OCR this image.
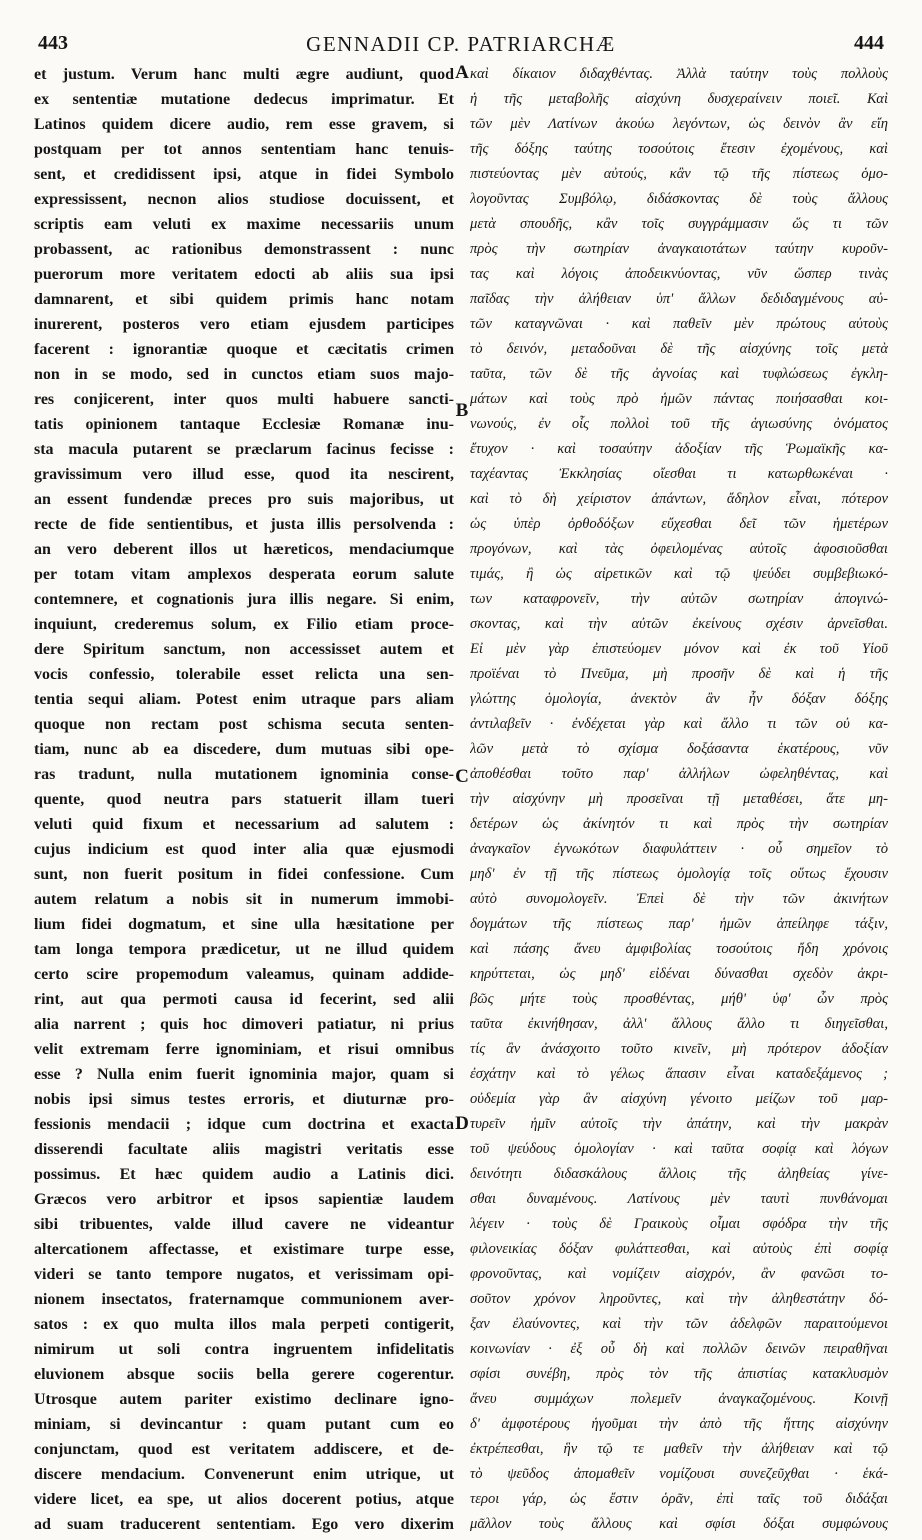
443	GENNADII CP. PATRIARCHÆ	444
et justum. Verum hanc multi ægre audiunt, quod
ex sententiæ mutatione dedecus imprimatur. Et
Latinos quidem dicere audio, rem esse gravem, si
postquam per tot annos sententiam hanc tenuis-
sent, et credidissent ipsi, atque in fidei Symbolo
expressissent, necnon alios studiose docuissent, et
scriptis eam veluti ex maxime necessariis unum
probassent, ac rationibus demonstrassent : nunc
puerorum more veritatem edocti ab aliis sua ipsi
damnarent, et sibi quidem primis hanc notam
inurerent, posteros vero etiam ejusdem participes
facerent : ignorantiæ quoque et cæcitatis crimen
non in se modo, sed in cunctos etiam suos majo-
res conjicerent, inter quos multi habuere sancti-
tatis opinionem tantaque Ecclesiæ Romanæ inu-
sta macula putarent se præclarum facinus fecisse :
gravissimum vero illud esse, quod ita nescirent,
an essent fundendæ preces pro suis majoribus, ut
recte de fide sentientibus, et justa illis persolvenda :
an vero deberent illos ut hæreticos, mendaciumque
per totam vitam amplexos desperata eorum salute
contemnere, et cognationis jura illis negare. Si enim,
inquiunt, crederemus solum, ex Filio etiam proce-
dere Spiritum sanctum, non accessisset autem et
vocis confessio, tolerabile esset relicta una sen-
tentia sequi aliam. Potest enim utraque pars aliam
quoque non rectam post schisma secuta senten-
tiam, nunc ab ea discedere, dum mutuas sibi ope-
ras tradunt, nulla mutationem ignominia conse-
quente, quod neutra pars statuerit illam tueri
veluti quid fixum et necessarium ad salutem :
cujus indicium est quod inter alia quæ ejusmodi
sunt, non fuerit positum in fidei confessione. Cum
autem relatum a nobis sit in numerum immobi-
lium fidei dogmatum, et sine ulla hæsitatione per
tam longa tempora prædicetur, ut ne illud quidem
certo scire propemodum valeamus, quinam addide-
rint, aut qua permoti causa id fecerint, sed alii
alia narrent ; quis hoc dimoveri patiatur, ni prius
velit extremam ferre ignominiam, et risui omnibus
esse ? Nulla enim fuerit ignominia major, quam si
nobis ipsi simus testes erroris, et diuturnæ pro-
fessionis mendacii ; idque cum doctrina et exacta
disserendi facultate aliis magistri veritatis esse
possimus. Et hæc quidem audio a Latinis dici.
Græcos vero arbitror et ipsos sapientiæ laudem
sibi tribuentes, valde illud cavere ne videantur
altercationem affectasse, et existimare turpe esse,
videri se tanto tempore nugatos, et verissimam opi-
nionem insectatos, fraternamque communionem aver-
satos : ex quo multa illos mala perpeti contigerit,
nimirum ut soli contra ingruentem infidelitatis
eluvionem absque sociis bella gerere cogerentur.
Utrosque autem pariter existimo declinare igno-
miniam, si devincantur : quam putant cum eo
conjunctam, quod est veritatem addiscere, et de-
discere mendacium. Convenerunt enim utrique, ut
videre licet, ea spe, ut alios docerent potius, atque
ad suam traducerent sententiam. Ego vero dixerim
καὶ δίκαιον διδαχθέντας. Ἀλλὰ ταύτην τοὺς πολλοὺς
ἡ τῆς μεταβολῆς αἰσχύνη δυσχεραίνειν ποιεῖ. Καὶ
τῶν μὲν Λατίνων ἀκούω λεγόντων, ὡς δεινὸν ἂν εἴη
τῆς δόξης ταύτης τοσούτοις ἔτεσιν ἐχομένους, καὶ
πιστεύοντας μὲν αὐτούς, κἂν τῷ τῆς πίστεως ὁμο-
λογοῦντας Συμβόλῳ, διδάσκοντας δὲ τοὺς ἄλλους
μετὰ σπουδῆς, κἂν τοῖς συγγράμμασιν ὥς τι τῶν
πρὸς τὴν σωτηρίαν ἀναγκαιοτάτων ταύτην κυροῦν-
τας καὶ λόγοις ἀποδεικνύοντας, νῦν ὥσπερ τινὰς
παῖδας τὴν ἀλήθειαν ὑπ' ἄλλων δεδιδαγμένους αὐ-
τῶν καταγνῶναι · καὶ παθεῖν μὲν πρώτους αὐτοὺς
τὸ δεινόν, μεταδοῦναι δὲ τῆς αἰσχύνης τοῖς μετὰ
ταῦτα, τῶν δὲ τῆς ἀγνοίας καὶ τυφλώσεως ἐγκλη-
μάτων καὶ τοὺς πρὸ ἡμῶν πάντας ποιήσασθαι κοι-
νωνούς, ἐν οἷς πολλοὶ τοῦ τῆς ἁγιωσύνης ὀνόματος
ἔτυχον · καὶ τοσαύτην ἀδοξίαν τῆς Ῥωμαϊκῆς κα-
ταχέαντας Ἐκκλησίας οἴεσθαι τι κατωρθωκέναι ·
καὶ τὸ δὴ χείριστον ἁπάντων, ἄδηλον εἶναι, πότερον
ὡς ὑπὲρ ὀρθοδόξων εὔχεσθαι δεῖ τῶν ἡμετέρων
προγόνων, καὶ τὰς ὀφειλομένας αὐτοῖς ἀφοσιοῦσθαι
τιμάς, ἢ ὡς αἱρετικῶν καὶ τῷ ψεύδει συμβεβιωκό-
των καταφρονεῖν, τὴν αὐτῶν σωτηρίαν ἀπογινώ-
σκοντας, καὶ τὴν αὐτῶν ἐκείνους σχέσιν ἀρνεῖσθαι.
Εἰ μὲν γὰρ ἐπιστεύομεν μόνον καὶ ἐκ τοῦ Υἱοῦ
προϊέναι τὸ Πνεῦμα, μὴ προσῆν δὲ καὶ ἡ τῆς
γλώττης ὁμολογία, ἀνεκτὸν ἂν ἦν δόξαν δόξης
ἀντιλαβεῖν · ἐνδέχεται γὰρ καὶ ἄλλο τι τῶν οὐ κα-
λῶν μετὰ τὸ σχίσμα δοξάσαντα ἑκατέρους, νῦν
ἀποθέσθαι τοῦτο παρ' ἀλλήλων ὠφεληθέντας, καὶ
τὴν αἰσχύνην μὴ προσεῖναι τῇ μεταθέσει, ἅτε μη-
δετέρων ὡς ἀκίνητόν τι καὶ πρὸς τὴν σωτηρίαν
ἀναγκαῖον ἐγνωκότων διαφυλάττειν · οὗ σημεῖον τὸ
μηδ' ἐν τῇ τῆς πίστεως ὁμολογίᾳ τοῖς οὕτως ἔχουσιν
αὐτὸ συνομολογεῖν. Ἐπεὶ δὲ τὴν τῶν ἀκινήτων
δογμάτων τῆς πίστεως παρ' ἡμῶν ἀπείληφε τάξιν,
καὶ πάσης ἄνευ ἀμφιβολίας τοσούτοις ἤδη χρόνοις
κηρύττεται, ὡς μηδ' εἰδέναι δύνασθαι σχεδὸν ἀκρι-
βῶς μήτε τοὺς προσθέντας, μήθ' ὑφ' ὧν πρὸς
ταῦτα ἐκινήθησαν, ἀλλ' ἄλλους ἄλλο τι διηγεῖσθαι,
τίς ἂν ἀνάσχοιτο τοῦτο κινεῖν, μὴ πρότερον ἀδοξίαν
ἐσχάτην καὶ τὸ γέλως ἅπασιν εἶναι καταδεξάμενος ;
οὐδεμία γὰρ ἂν αἰσχύνη γένοιτο μείζων τοῦ μαρ-
τυρεῖν ἡμῖν αὐτοῖς τὴν ἀπάτην, καὶ τὴν μακρὰν
τοῦ ψεύδους ὁμολογίαν · καὶ ταῦτα σοφίᾳ καὶ λόγων
δεινότητι διδασκάλους ἄλλοις τῆς ἀληθείας γίνε-
σθαι δυναμένους. Λατίνους μὲν ταυτὶ πυνθάνομαι
λέγειν · τοὺς δὲ Γραικοὺς οἶμαι σφόδρα τὴν τῆς
φιλονεικίας δόξαν φυλάττεσθαι, καὶ αὐτοὺς ἐπὶ σοφίᾳ
φρονοῦντας, καὶ νομίζειν αἰσχρόν, ἂν φανῶσι το-
σοῦτον χρόνον ληροῦντες, καὶ τὴν ἀληθεστάτην δό-
ξαν ἐλαύνοντες, καὶ τὴν τῶν ἀδελφῶν παραιτούμενοι
κοινωνίαν · ἐξ οὗ δὴ καὶ πολλῶν δεινῶν πειραθῆναι
σφίσι συνέβη, πρὸς τὸν τῆς ἀπιστίας κατακλυσμὸν
ἄνευ συμμάχων πολεμεῖν ἀναγκαζομένους. Κοινῇ
δ' ἀμφοτέρους ἡγοῦμαι τὴν ἀπὸ τῆς ἥττης αἰσχύνην
ἐκτρέπεσθαι, ἣν τῷ τε μαθεῖν τὴν ἀλήθειαν καὶ τῷ
τὸ ψεῦδος ἀπομαθεῖν νομίζουσι συνεζεῦχθαι · ἑκά-
τεροι γάρ, ὡς ἔστιν ὁρᾶν, ἐπὶ ταῖς τοῦ διδάξαι
μᾶλλον τοὺς ἄλλους καὶ σφίσι δόξαι συμφώνους
A
B
C
D
